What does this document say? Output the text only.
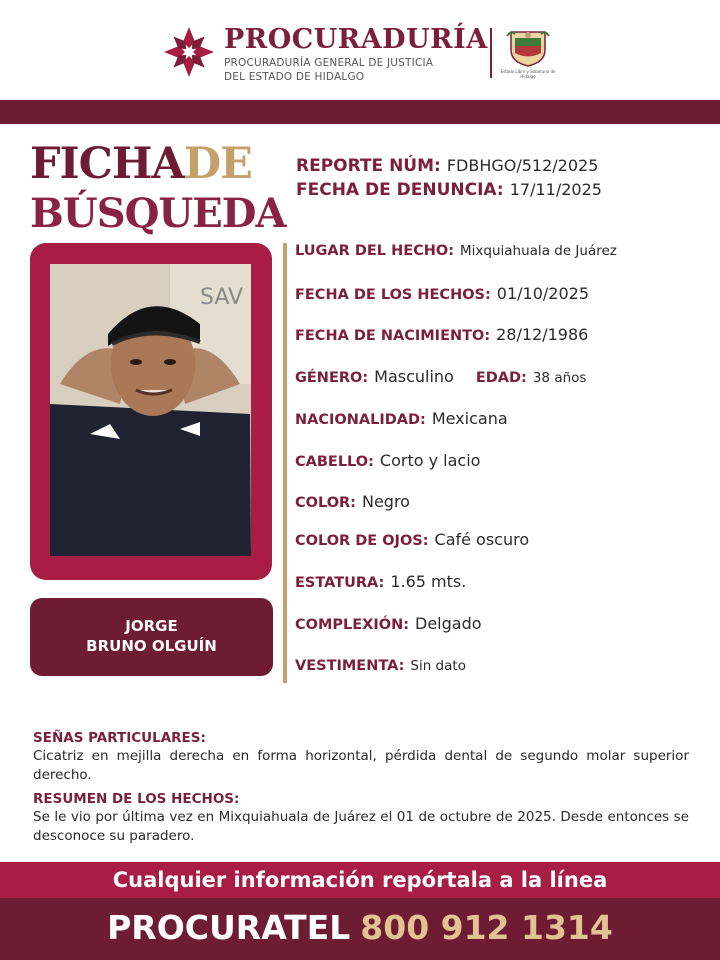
PROCURADURÍA
PROCURADURÍA GENERAL DE JUSTICIA
DEL ESTADO DE HIDALGO	Estado Libre y Soberano de Hidalgo
FICHADE
BÚSQUEDA
REPORTE NÚM: FDBHGO/512/2025
FECHA DE DENUNCIA: 17/11/2025
SAV
JORGE
BRUNO OLGUÍN
LUGAR DEL HECHO: Mixquiahuala de Juárez
FECHA DE LOS HECHOS: 01/10/2025
FECHA DE NACIMIENTO: 28/12/1986
GÉNERO: Masculino EDAD: 38 años
NACIONALIDAD: Mexicana
CABELLO: Corto y lacio
COLOR: Negro
COLOR DE OJOS: Café oscuro
ESTATURA: 1.65 mts.
COMPLEXIÓN: Delgado
VESTIMENTA: Sin dato
SEÑAS PARTICULARES:
Cicatriz en mejilla derecha en forma horizontal, pérdida dental de segundo molar superior derecho.
RESUMEN DE LOS HECHOS:
Se le vio por última vez en Mixquiahuala de Juárez el 01 de octubre de 2025. Desde entonces se desconoce su paradero.
Cualquier información repórtala a la línea
PROCURATEL 800 912 1314
